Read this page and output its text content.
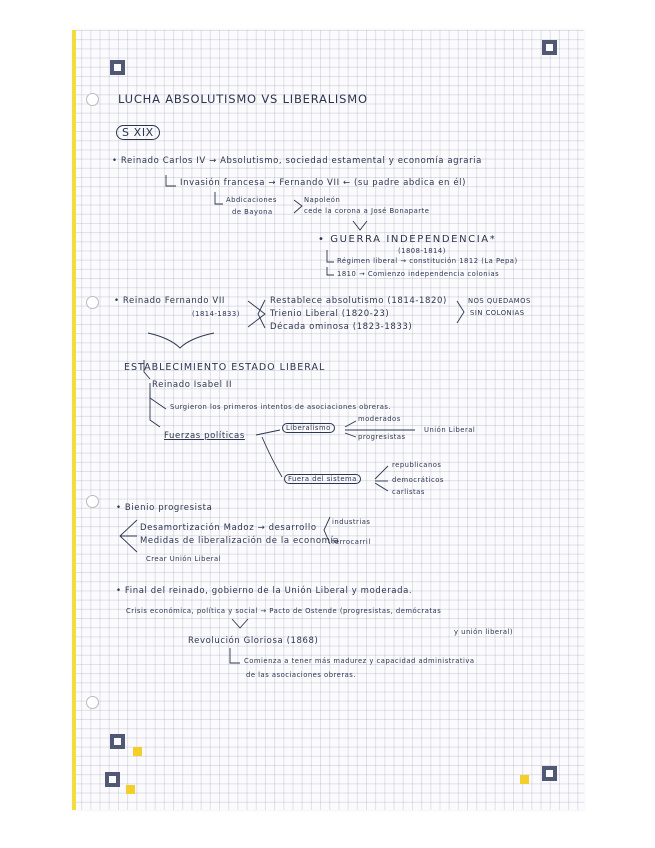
LUCHA ABSOLUTISMO VS LIBERALISMO
S XIX
• Reinado Carlos IV → Absolutismo, sociedad estamental y economía agraria
Invasión francesa → Fernando VII ← (su padre abdica en él)
Abdicaciones
de Bayona
Napoleón
cede la corona a José Bonaparte
• GUERRA INDEPENDENCIA*
(1808-1814)
Régimen liberal → constitución 1812 (La Pepa)
1810 → Comienzo independencia colonias
• Reinado Fernando VII
(1814-1833)
Restablece absolutismo (1814-1820)
Trienio Liberal (1820-23)
Década ominosa (1823-1833)
NOS QUEDAMOS
SIN COLONIAS
ESTABLECIMIENTO ESTADO LIBERAL
Reinado Isabel II
Surgieron los primeros intentos de asociaciones obreras.
Fuerzas políticas
Liberalismo
moderados
progresistas
Unión Liberal
Fuera del sistema
republicanos
democráticos
carlistas
• Bienio progresista
Desamortización Madoz → desarrollo
Medidas de liberalización de la economía
industrias
ferrocarril
Crear Unión Liberal
• Final del reinado, gobierno de la Unión Liberal y moderada.
Crisis económica, política y social → Pacto de Ostende (progresistas, demócratas
y unión liberal)
Revolución Gloriosa (1868)
Comienza a tener más madurez y capacidad administrativa
de las asociaciones obreras.
